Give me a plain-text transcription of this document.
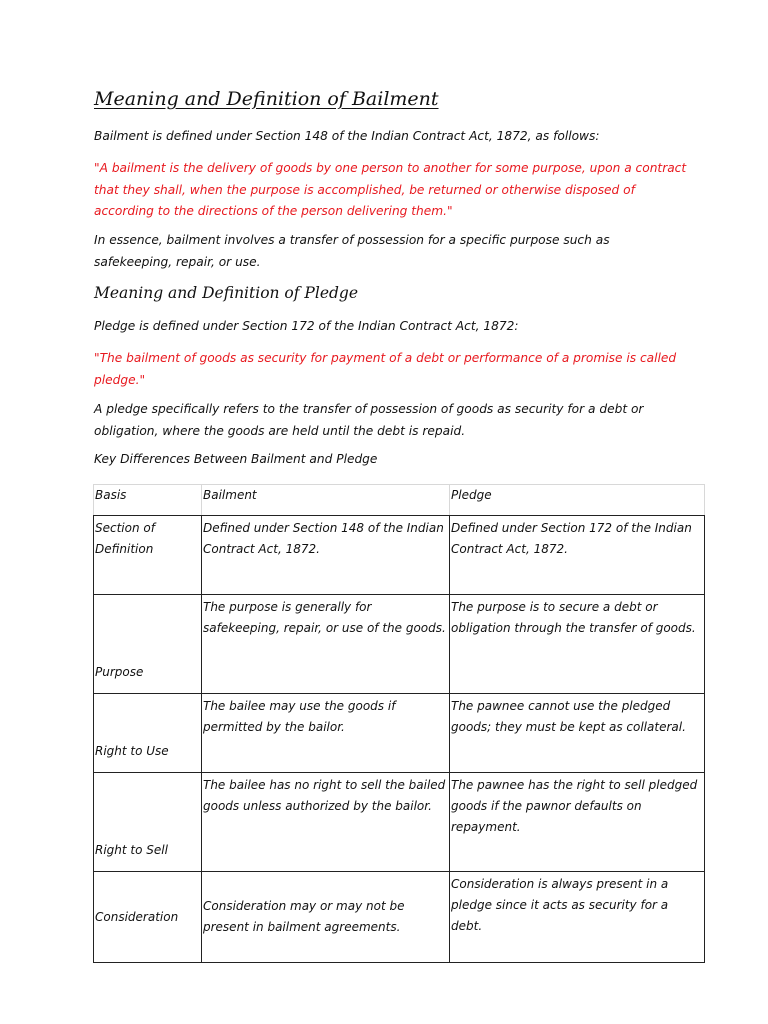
Meaning and Definition of Bailment

Bailment is defined under Section 148 of the Indian Contract Act, 1872, as follows:

"A bailment is the delivery of goods by one person to another for some purpose, upon a contract that they shall, when the purpose is accomplished, be returned or otherwise disposed of according to the directions of the person delivering them."

In essence, bailment involves a transfer of possession for a specific purpose such as safekeeping, repair, or use.

Meaning and Definition of Pledge

Pledge is defined under Section 172 of the Indian Contract Act, 1872:

"The bailment of goods as security for payment of a debt or performance of a promise is called pledge."

A pledge specifically refers to the transfer of possession of goods as security for a debt or obligation, where the goods are held until the debt is repaid.

Key Differences Between Bailment and Pledge
Basis	Bailment	Pledge
Section of Definition	Defined under Section 148 of the Indian Contract Act, 1872.	Defined under Section 172 of the Indian Contract Act, 1872.
Purpose	The purpose is generally for safekeeping, repair, or use of the goods.	The purpose is to secure a debt or obligation through the transfer of goods.
Right to Use	The bailee may use the goods if permitted by the bailor.	The pawnee cannot use the pledged goods; they must be kept as collateral.
Right to Sell	The bailee has no right to sell the bailed goods unless authorized by the bailor.	The pawnee has the right to sell pledged goods if the pawnor defaults on repayment.
Consideration	Consideration may or may not be present in bailment agreements.	Consideration is always present in a pledge since it acts as security for a debt.
